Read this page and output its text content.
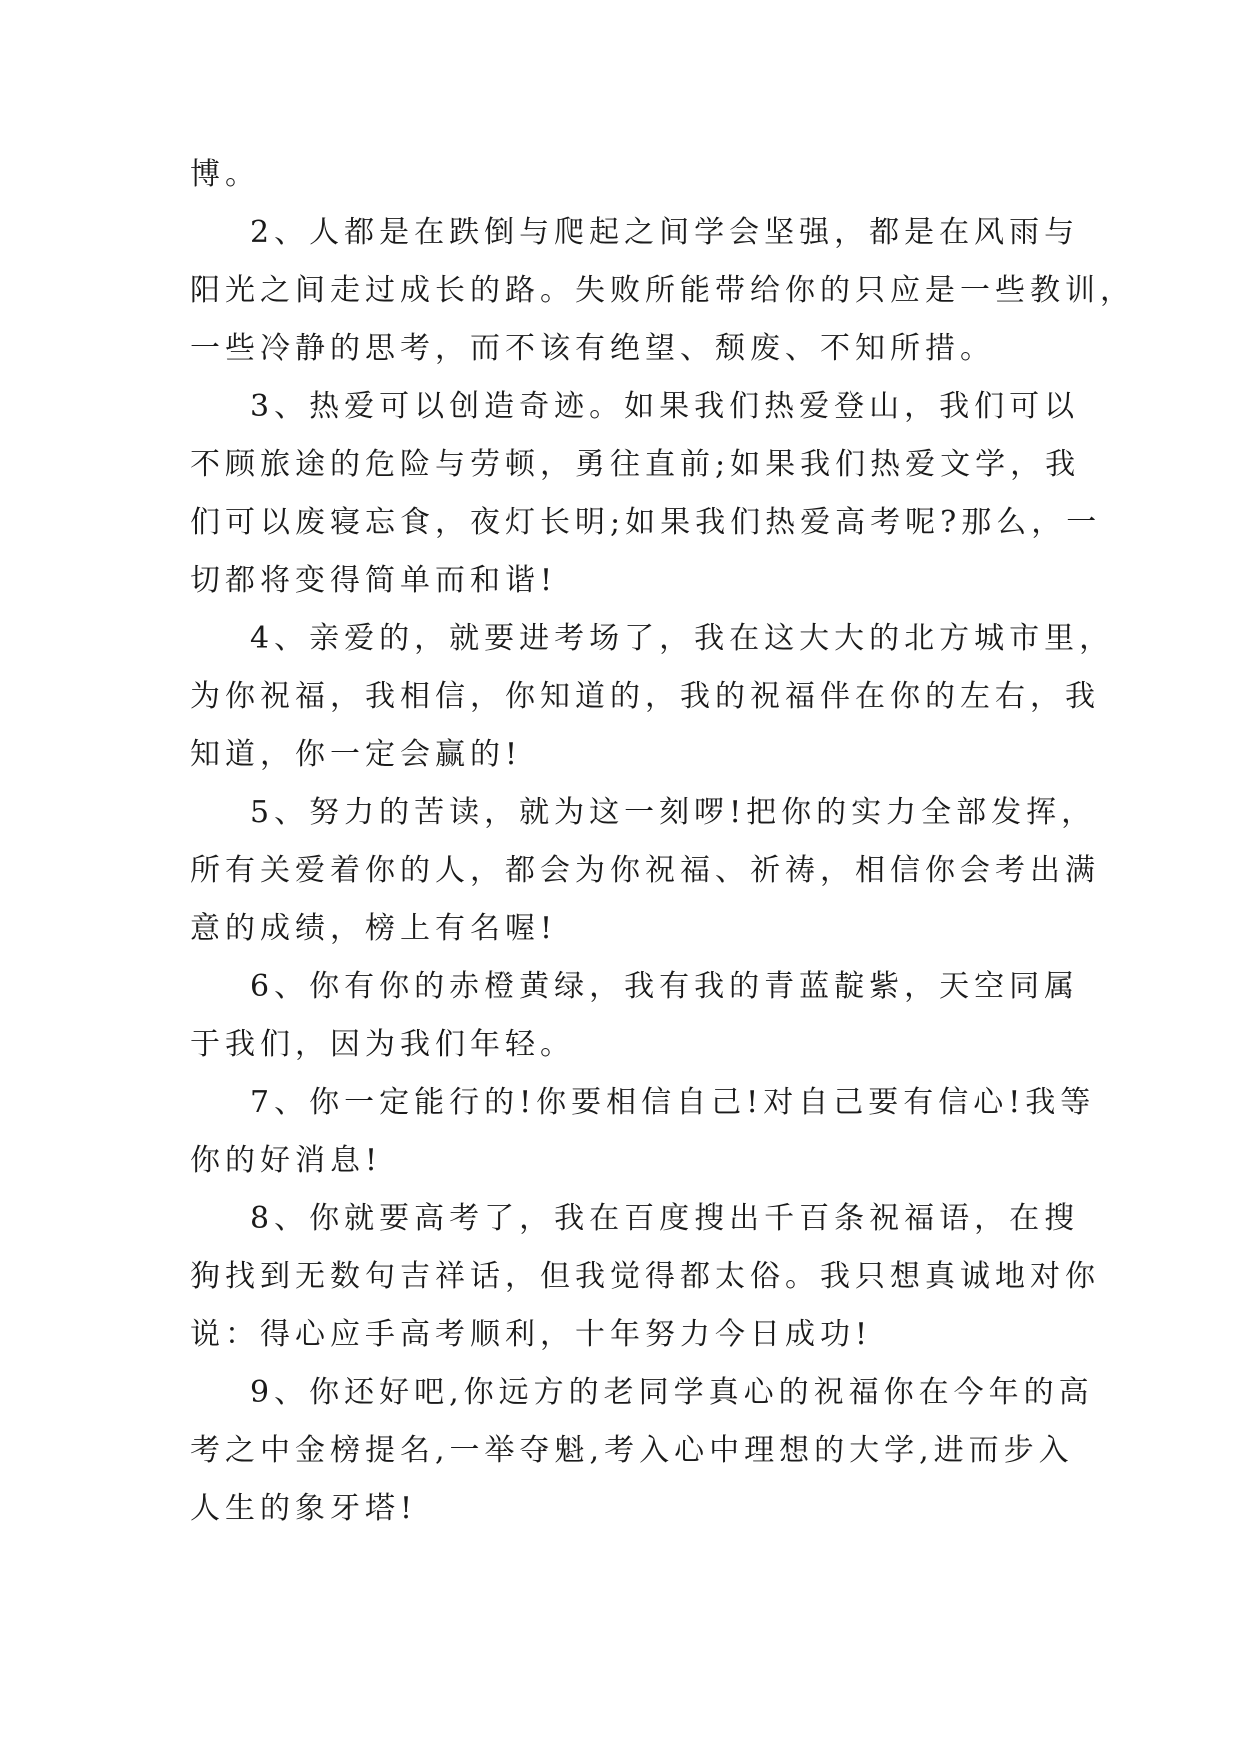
博。
2、人都是在跌倒与爬起之间学会坚强，都是在风雨与
阳光之间走过成长的路。失败所能带给你的只应是一些教训，
一些冷静的思考，而不该有绝望、颓废、不知所措。
3、热爱可以创造奇迹。如果我们热爱登山，我们可以
不顾旅途的危险与劳顿，勇往直前;如果我们热爱文学，我
们可以废寝忘食，夜灯长明;如果我们热爱高考呢?那么，一
切都将变得简单而和谐!
4、亲爱的，就要进考场了，我在这大大的北方城市里，
为你祝福，我相信，你知道的，我的祝福伴在你的左右，我
知道，你一定会赢的!
5、努力的苦读，就为这一刻啰!把你的实力全部发挥，
所有关爱着你的人，都会为你祝福、祈祷，相信你会考出满
意的成绩，榜上有名喔!
6、你有你的赤橙黄绿，我有我的青蓝靛紫，天空同属
于我们，因为我们年轻。
7、你一定能行的!你要相信自己!对自己要有信心!我等
你的好消息!
8、你就要高考了，我在百度搜出千百条祝福语，在搜
狗找到无数句吉祥话，但我觉得都太俗。我只想真诚地对你
说：得心应手高考顺利，十年努力今日成功!
9、你还好吧,你远方的老同学真心的祝福你在今年的高
考之中金榜提名,一举夺魁,考入心中理想的大学,进而步入
人生的象牙塔!
